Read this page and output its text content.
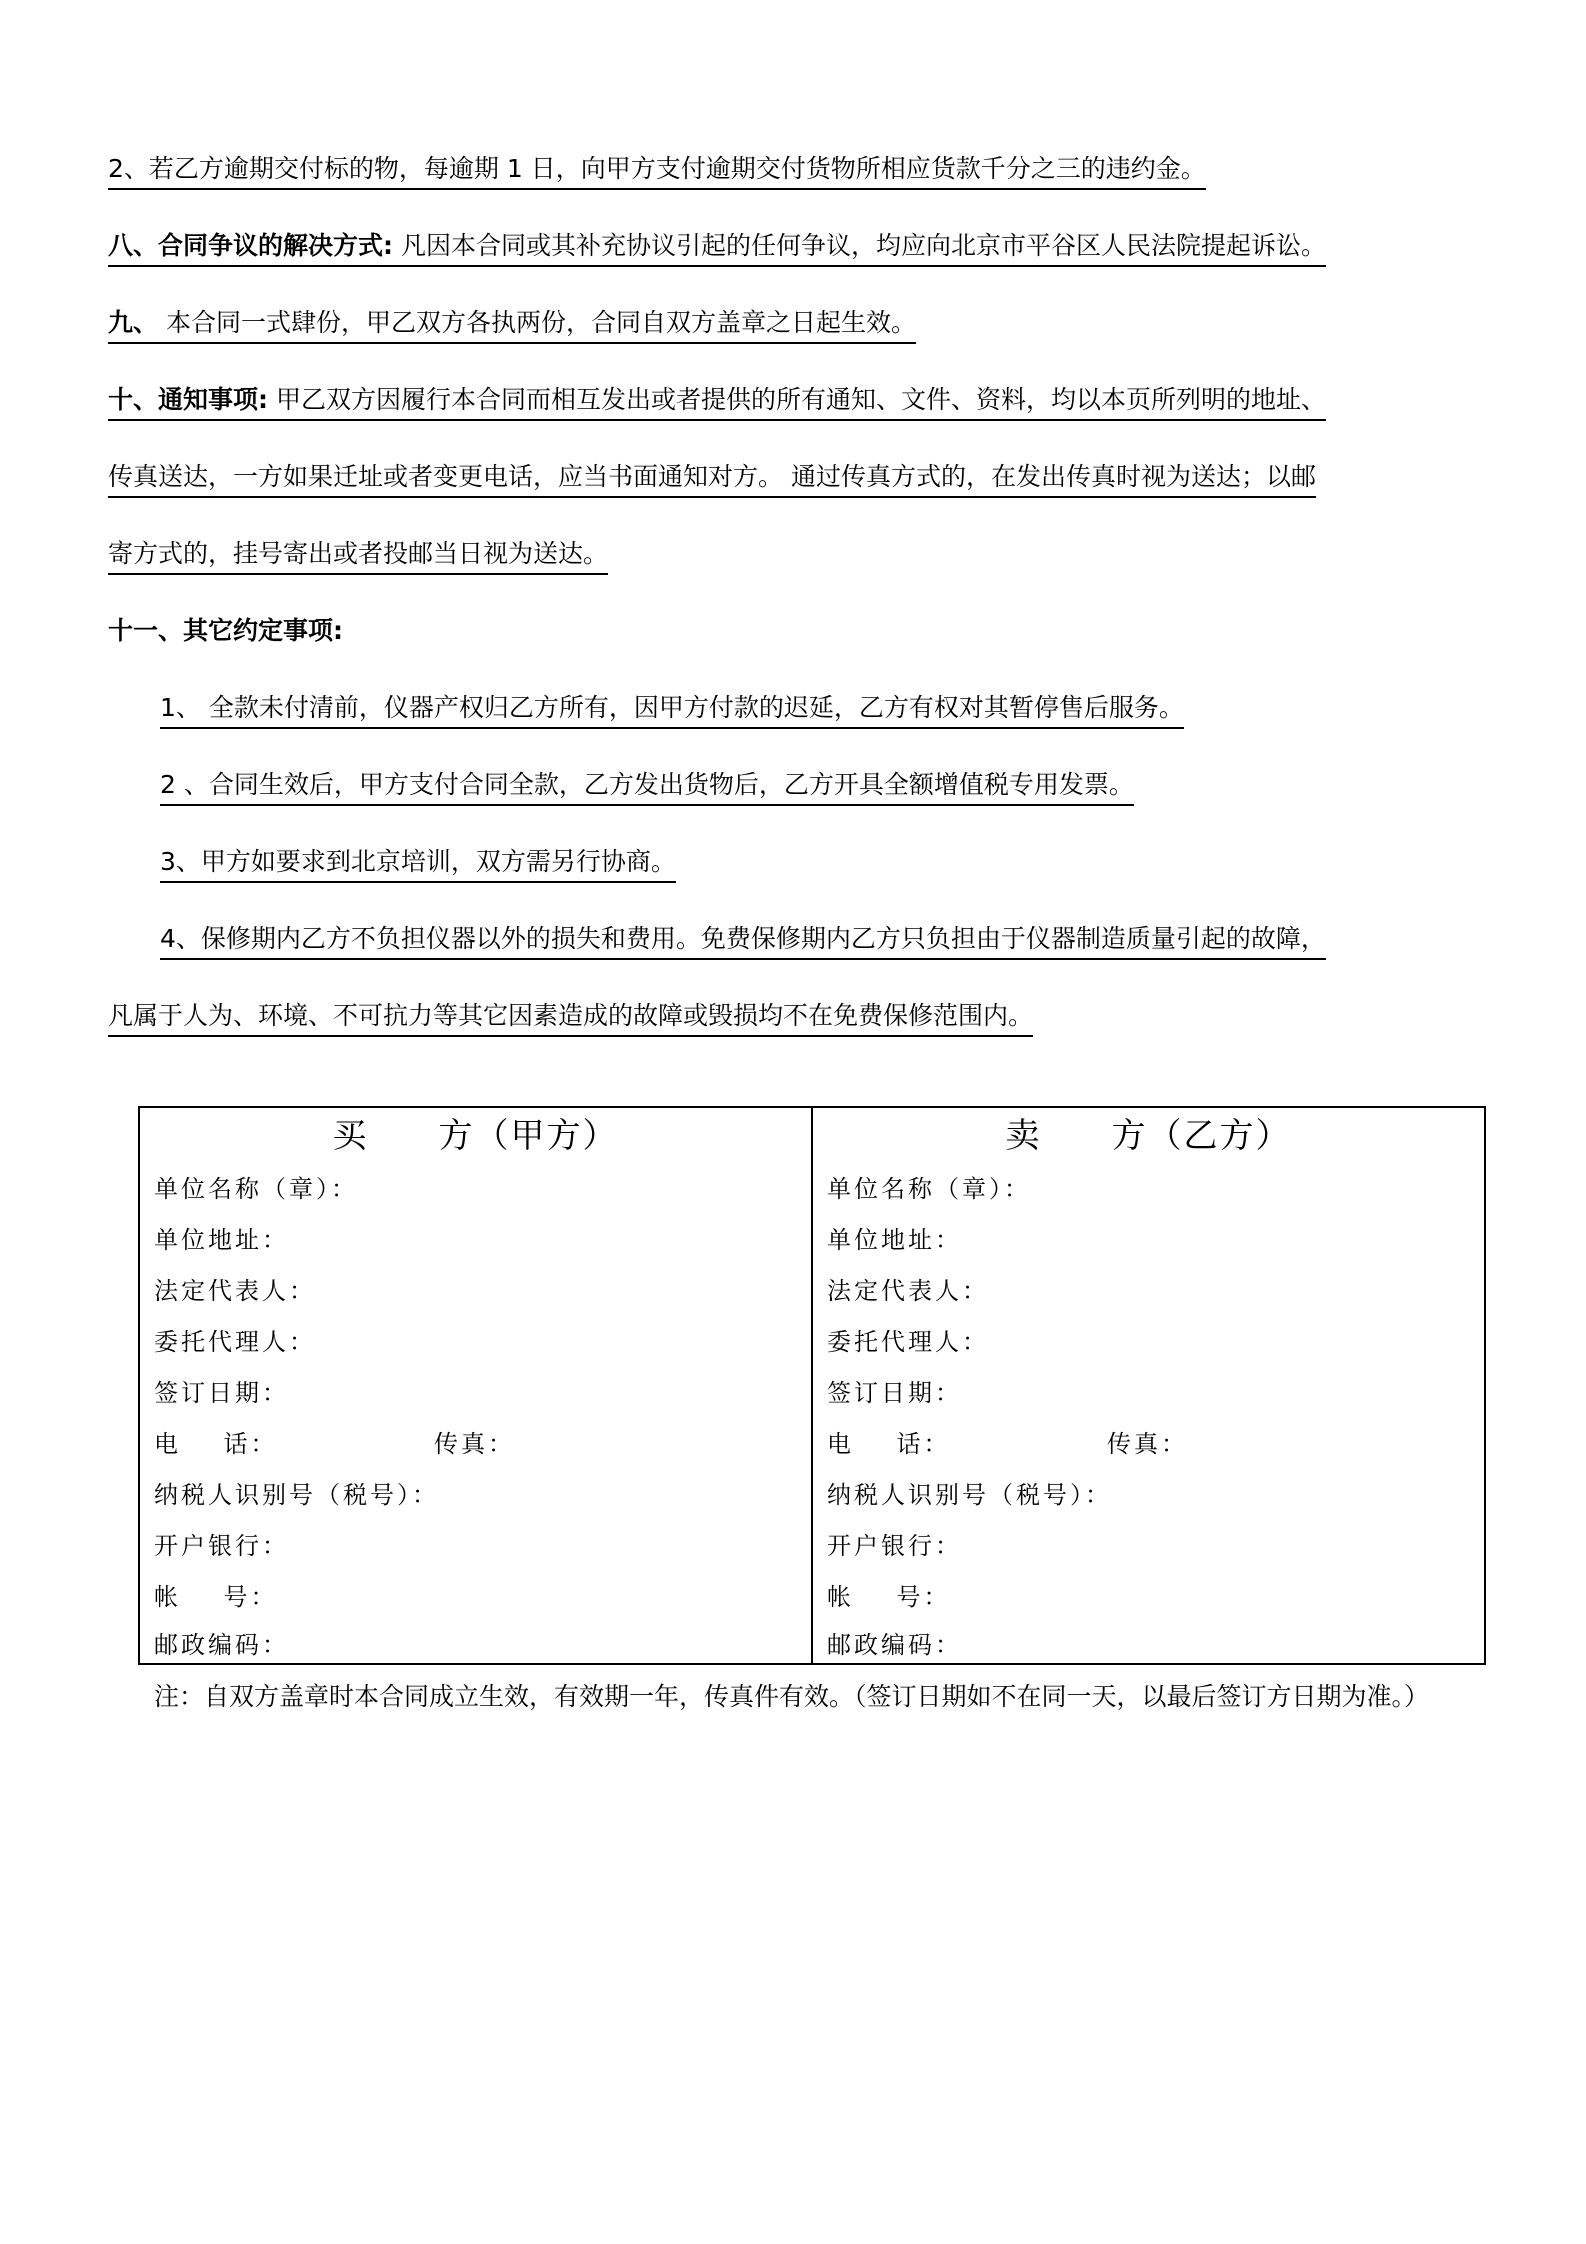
2、若乙方逾期交付标的物，每逾期 1 日，向甲方支付逾期交付货物所相应货款千分之三的违约金。
八、合同争议的解决方式: 凡因本合同或其补充协议引起的任何争议，均应向北京市平谷区人民法院提起诉讼。
九、 本合同一式肆份，甲乙双方各执两份，合同自双方盖章之日起生效。
十、通知事项: 甲乙双方因履行本合同而相互发出或者提供的所有通知、文件、资料，均以本页所列明的地址、
传真送达，一方如果迁址或者变更电话，应当书面通知对方。 通过传真方式的，在发出传真时视为送达；以邮
寄方式的，挂号寄出或者投邮当日视为送达。
十一、其它约定事项:
1、 全款未付清前，仪器产权归乙方所有，因甲方付款的迟延，乙方有权对其暂停售后服务。
2 、合同生效后，甲方支付合同全款，乙方发出货物后，乙方开具全额增值税专用发票。
3、甲方如要求到北京培训，双方需另行协商。
4、保修期内乙方不负担仪器以外的损失和费用。免费保修期内乙方只负担由于仪器制造质量引起的故障，
凡属于人为、环境、不可抗力等其它因素造成的故障或毁损均不在免费保修范围内。
买 方（甲方）
单位名称（章）：
单位地址：
法定代表人：
委托代理人：
签订日期：
电    话：	传真：
纳税人识别号（税号）：
开户银行：
帐    号：
邮政编码：
卖 方（乙方）
单位名称（章）：
单位地址：
法定代表人：
委托代理人：
签订日期：
电    话：	传真：
纳税人识别号（税号）：
开户银行：
帐    号：
邮政编码：
注：自双方盖章时本合同成立生效，有效期一年，传真件有效。（签订日期如不在同一天，以最后签订方日期为准。）
